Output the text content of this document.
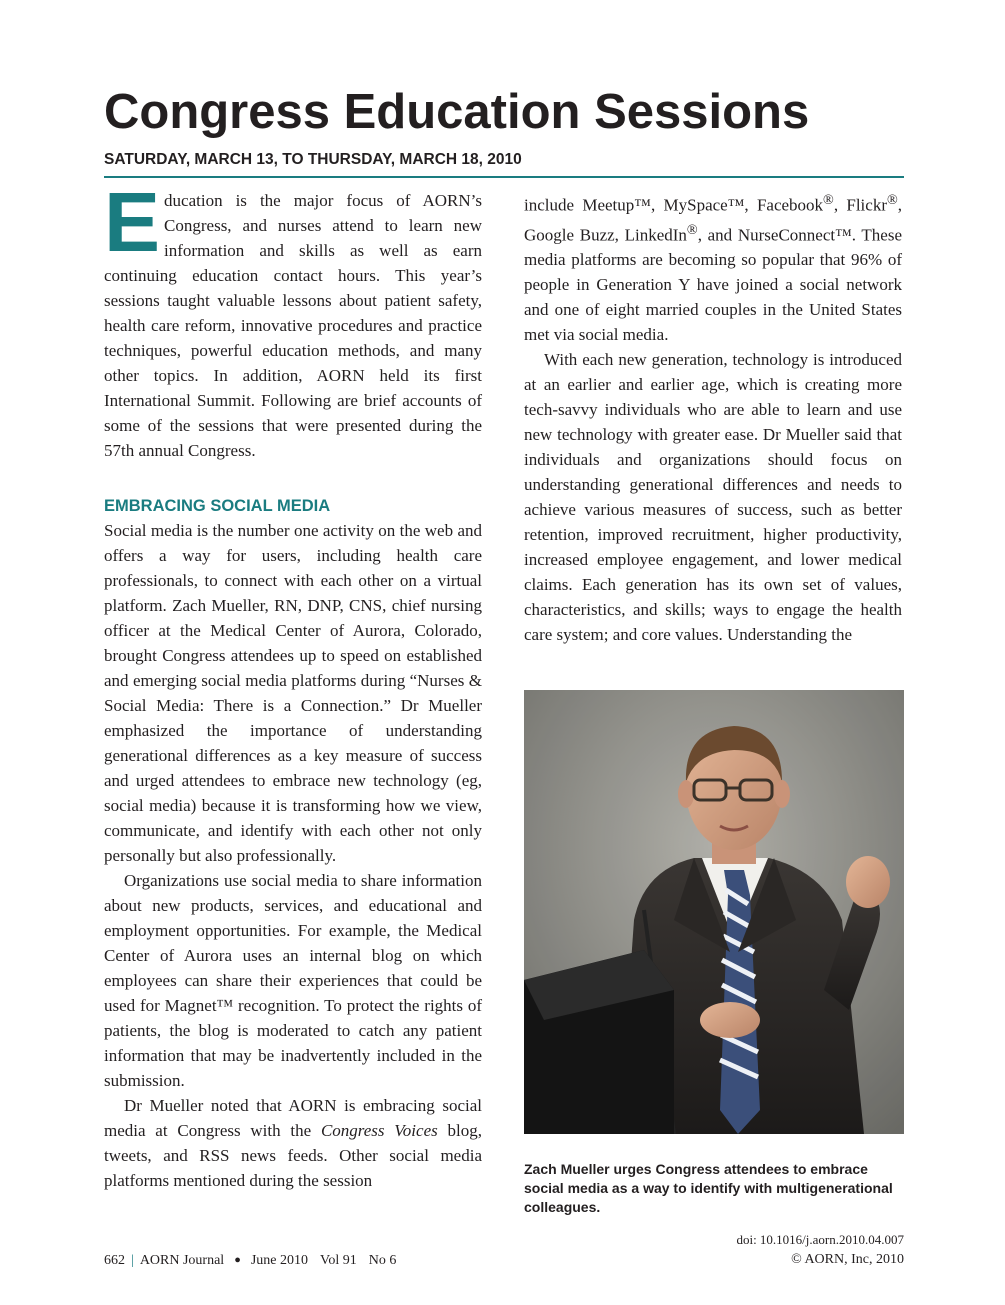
Congress Education Sessions
SATURDAY, MARCH 13, TO THURSDAY, MARCH 18, 2010

Education is the major focus of AORN’s Congress, and nurses attend to learn new information and skills as well as earn continuing education contact hours. This year’s sessions taught valuable lessons about patient safety, health care reform, innovative procedures and practice techniques, powerful education methods, and many other topics. In addition, AORN held its first International Summit. Following are brief accounts of some of the sessions that were presented during the 57th annual Congress.

EMBRACING SOCIAL MEDIA

Social media is the number one activity on the web and offers a way for users, including health care professionals, to connect with each other on a virtual platform. Zach Mueller, RN, DNP, CNS, chief nursing officer at the Medical Center of Aurora, Colorado, brought Congress attendees up to speed on established and emerging social media platforms during “Nurses & Social Media: There is a Connection.” Dr Mueller emphasized the importance of understanding generational differences as a key measure of success and urged attendees to embrace new technology (eg, social media) because it is transforming how we view, communicate, and identify with each other not only personally but also professionally.

Organizations use social media to share information about new products, services, and educational and employment opportunities. For example, the Medical Center of Aurora uses an internal blog on which employees can share their experiences that could be used for Magnet™ recognition. To protect the rights of patients, the blog is moderated to catch any patient information that may be inadvertently included in the submission.

Dr Mueller noted that AORN is embracing social media at Congress with the Congress Voices blog, tweets, and RSS news feeds. Other social media platforms mentioned during the session

include Meetup™, MySpace™, Facebook®, Flickr®, Google Buzz, LinkedIn®, and NurseConnect™. These media platforms are becoming so popular that 96% of people in Generation Y have joined a social network and one of eight married couples in the United States met via social media.

With each new generation, technology is introduced at an earlier and earlier age, which is creating more tech-savvy individuals who are able to learn and use new technology with greater ease. Dr Mueller said that individuals and organizations should focus on understanding generational differences and needs to achieve various measures of success, such as better retention, improved recruitment, higher productivity, increased employee engagement, and lower medical claims. Each generation has its own set of values, characteristics, and skills; ways to engage the health care system; and core values. Understanding the

Zach Mueller urges Congress attendees to embrace social media as a way to identify with multigenerational colleagues.
662 | AORN Journal ● June 2010 Vol 91 No 6
doi: 10.1016/j.aorn.2010.04.007
© AORN, Inc, 2010
